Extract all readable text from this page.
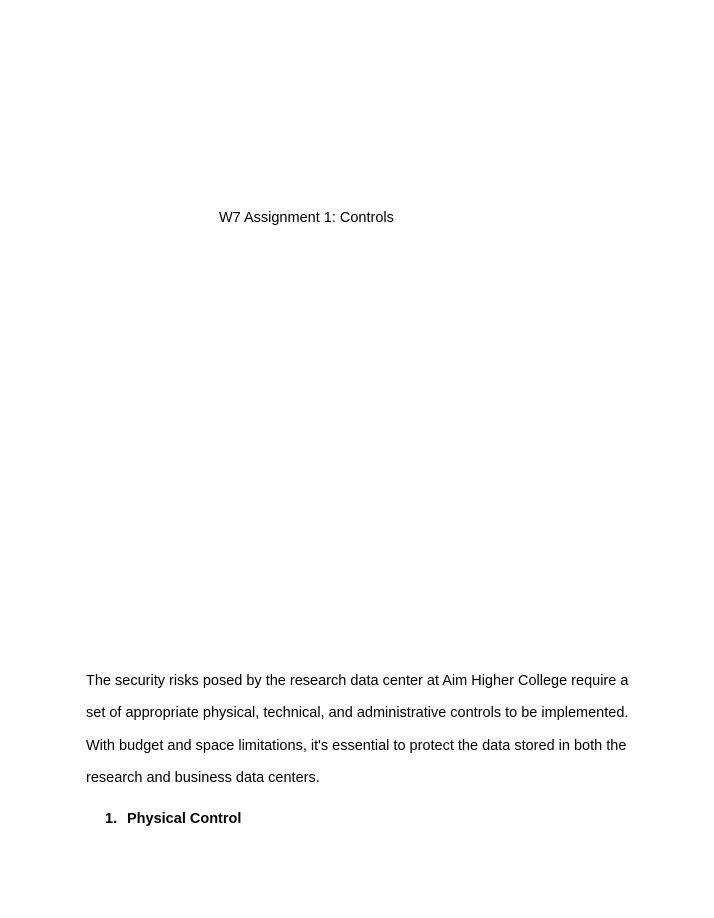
W7 Assignment 1: Controls

The security risks posed by the research data center at Aim Higher College require a
set of appropriate physical, technical, and administrative controls to be implemented.
With budget and space limitations, it's essential to protect the data stored in both the
research and business data centers.

1. Physical Control
